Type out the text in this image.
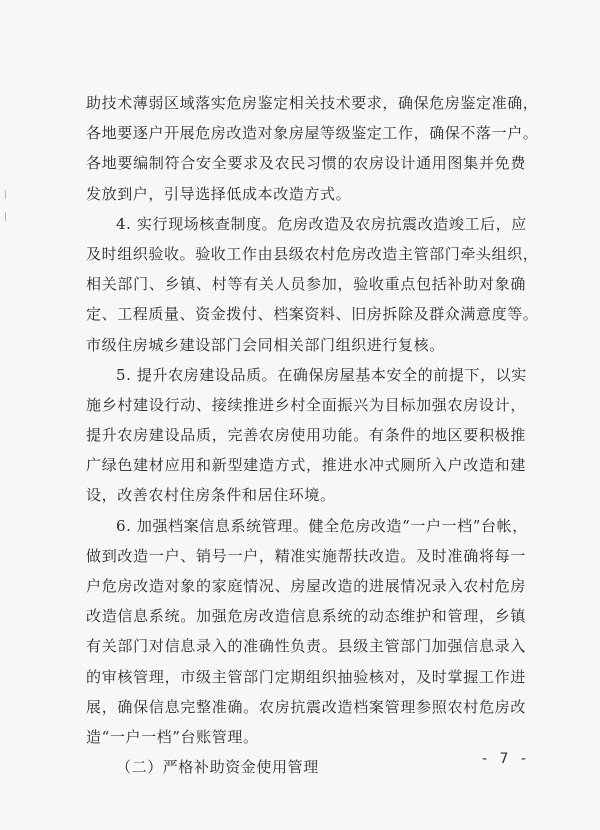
助技术薄弱区域落实危房鉴定相关技术要求，确保危房鉴定准确，
各地要逐户开展危房改造对象房屋等级鉴定工作，确保不落一户。
各地要编制符合安全要求及农民习惯的农房设计通用图集并免费
发放到户，引导选择低成本改造方式。
4. 实行现场核查制度。危房改造及农房抗震改造竣工后，应
及时组织验收。验收工作由县级农村危房改造主管部门牵头组织，
相关部门、乡镇、村等有关人员参加，验收重点包括补助对象确
定、工程质量、资金拨付、档案资料、旧房拆除及群众满意度等。
市级住房城乡建设部门会同相关部门组织进行复核。
5. 提升农房建设品质。在确保房屋基本安全的前提下，以实
施乡村建设行动、接续推进乡村全面振兴为目标加强农房设计，
提升农房建设品质，完善农房使用功能。有条件的地区要积极推
广绿色建材应用和新型建造方式，推进水冲式厕所入户改造和建
设，改善农村住房条件和居住环境。
6. 加强档案信息系统管理。健全危房改造“一户一档”台帐，
做到改造一户、销号一户，精准实施帮扶改造。及时准确将每一
户危房改造对象的家庭情况、房屋改造的进展情况录入农村危房
改造信息系统。加强危房改造信息系统的动态维护和管理，乡镇
有关部门对信息录入的准确性负责。县级主管部门加强信息录入
的审核管理，市级主管部门定期组织抽验核对，及时掌握工作进
展，确保信息完整准确。农房抗震改造档案管理参照农村危房改
造“一户一档”台账管理。
（二）严格补助资金使用管理	- 7 -
